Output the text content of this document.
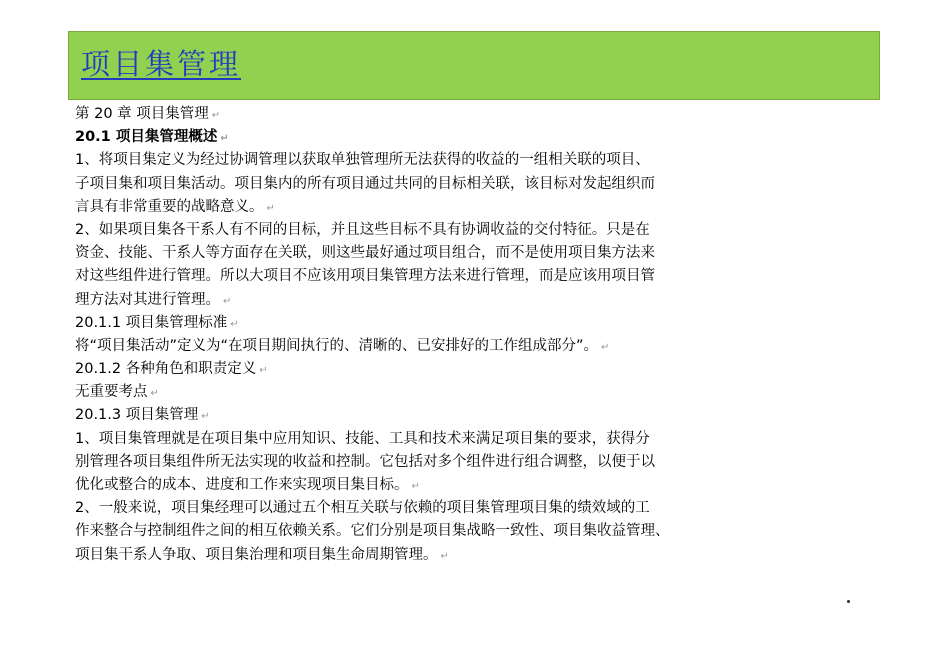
项目集管理
第 20 章 项目集管理 ↵
20.1 项目集管理概述 ↵
1、将项目集定义为经过协调管理以获取单独管理所无法获得的收益的一组相关联的项目、
子项目集和项目集活动。项目集内的所有项目通过共同的目标相关联，该目标对发起组织而
言具有非常重要的战略意义。 ↵
2、如果项目集各干系人有不同的目标，并且这些目标不具有协调收益的交付特征。只是在
资金、技能、干系人等方面存在关联，则这些最好通过项目组合，而不是使用项目集方法来
对这些组件进行管理。所以大项目不应该用项目集管理方法来进行管理，而是应该用项目管
理方法对其进行管理。 ↵
20.1.1 项目集管理标准 ↵
将“项目集活动”定义为“在项目期间执行的、清晰的、已安排好的工作组成部分”。 ↵
20.1.2 各种角色和职责定义 ↵
无重要考点 ↵
20.1.3 项目集管理 ↵
1、项目集管理就是在项目集中应用知识、技能、工具和技术来满足项目集的要求，获得分
别管理各项目集组件所无法实现的收益和控制。它包括对多个组件进行组合调整，以便于以
优化或整合的成本、进度和工作来实现项目集目标。 ↵
2、一般来说，项目集经理可以通过五个相互关联与依赖的项目集管理项目集的绩效域的工
作来整合与控制组件之间的相互依赖关系。它们分别是项目集战略一致性、项目集收益管理、
项目集干系人争取、项目集治理和项目集生命周期管理。 ↵
